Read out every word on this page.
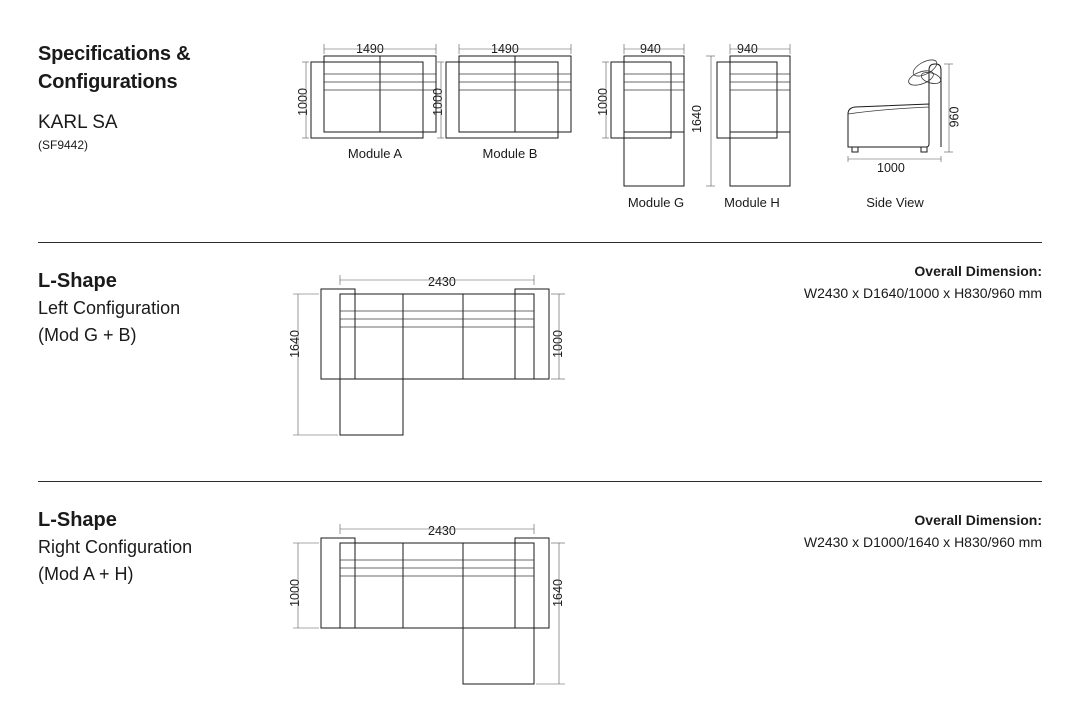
Specifications &
Configurations
KARL SA
(SF9442)
1490
1000
Module A
1490
1000
Module B
940
1000
Module G
940
1640
Module H
1000
960
Side View
L-Shape
Left Configuration
(Mod G + B)
Overall Dimension:
W2430 x D1640/1000 x H830/960 mm
2430
1640	1000
L-Shape
Right Configuration
(Mod A + H)
Overall Dimension:
W2430 x D1000/1640 x H830/960 mm
2430
1000	1640
